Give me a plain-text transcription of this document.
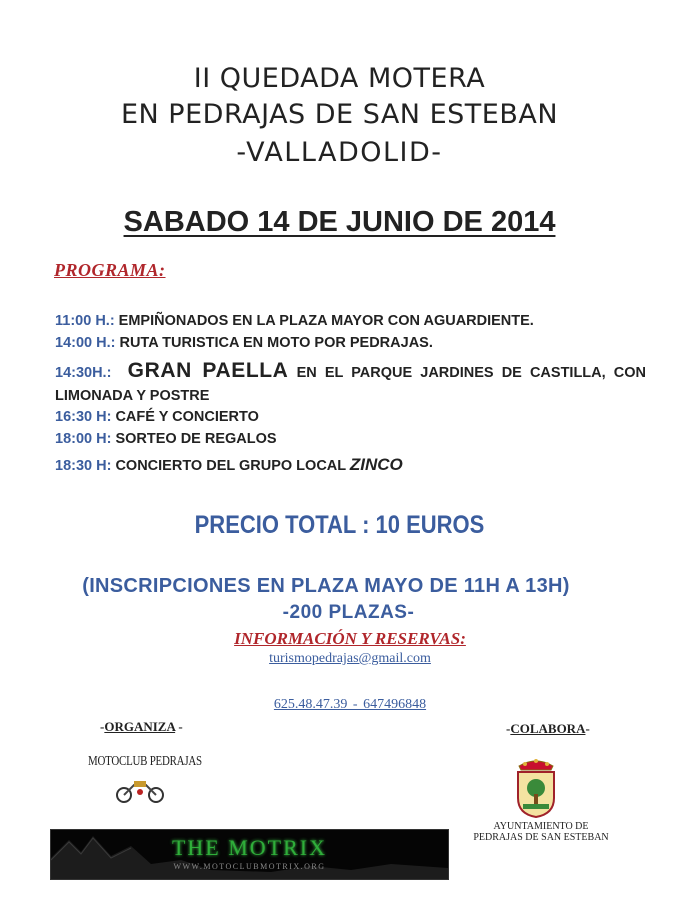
II QUEDADA MOTERA
EN PEDRAJAS DE SAN ESTEBAN
-VALLADOLID-
SABADO 14 DE JUNIO DE 2014
PROGRAMA:
11:00 H.: EMPIÑONADOS EN LA PLAZA MAYOR CON AGUARDIENTE.
14:00 H.: RUTA TURISTICA EN MOTO POR PEDRAJAS.
14:30H.: GRAN PAELLA EN EL PARQUE JARDINES DE CASTILLA, CON LIMONADA Y POSTRE
16:30 H: CAFÉ Y CONCIERTO
18:00 H: SORTEO DE REGALOS
18:30 H: CONCIERTO DEL GRUPO LOCAL ZINCO
PRECIO TOTAL : 10 EUROS
(INSCRIPCIONES EN PLAZA MAYO DE 11H A 13H)
-200 PLAZAS-
INFORMACIÓN Y RESERVAS:
turismopedrajas@gmail.com
625.48.47.39 - 647496848
-ORGANIZA -
MOTOCLUB PEDRAJAS
-COLABORA-
AYUNTAMIENTO DE
PEDRAJAS DE SAN ESTEBAN
THE MOTRIX
WWW.MOTOCLUBMOTRIX.ORG
